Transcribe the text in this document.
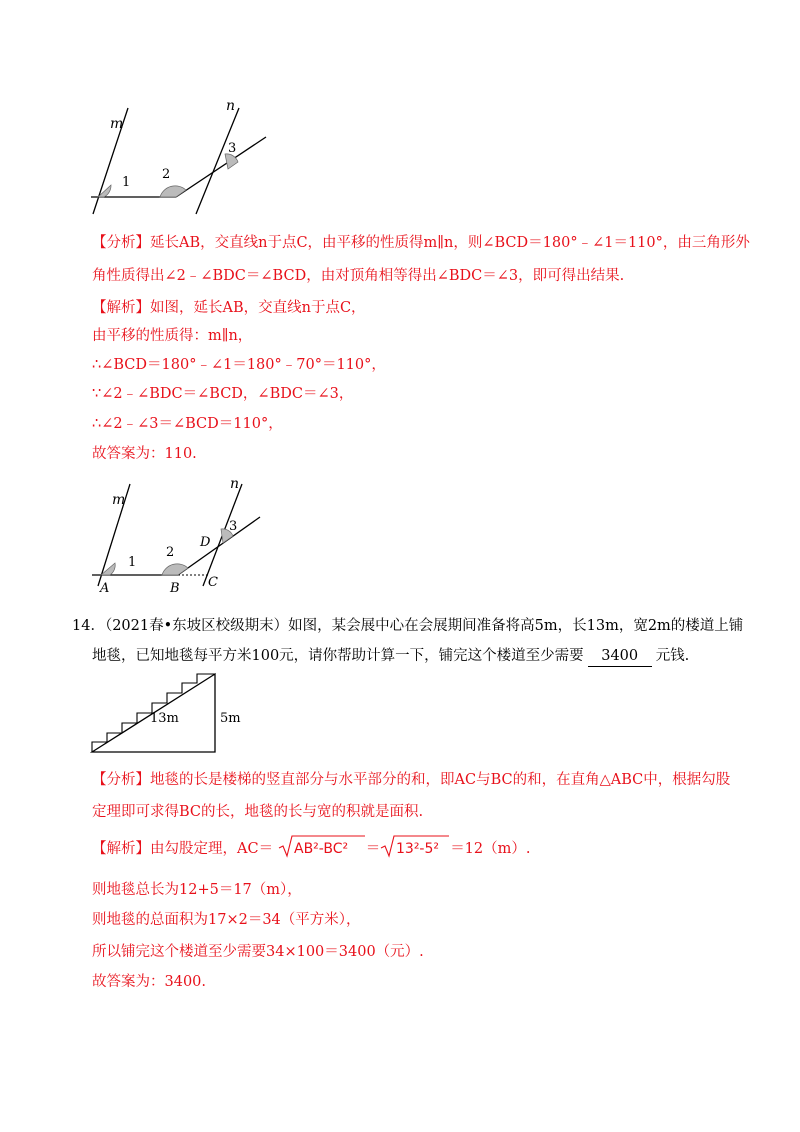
m
n
1
2
3
【分析】延长AB，交直线n于点C，由平移的性质得m∥n，则∠BCD＝180°﹣∠1＝110°，由三角形外
角性质得出∠2﹣∠BDC＝∠BCD，由对顶角相等得出∠BDC＝∠3，即可得出结果.
【解析】如图，延长AB，交直线n于点C，
由平移的性质得：m∥n，
∴∠BCD＝180°﹣∠1＝180°﹣70°＝110°，
∵∠2﹣∠BDC＝∠BCD，∠BDC＝∠3，
∴∠2﹣∠3＝∠BCD＝110°，
故答案为：110.
m
n
1
2
3
D
A	B C
14．（2021春•东坡区校级期末）如图，某会展中心在会展期间准备将高5m，长13m，宽2m的楼道上铺
地毯，已知地毯每平方米100元，请你帮助计算一下，铺完这个楼道至少需要 3400 元钱.
13m	5m
【分析】地毯的长是楼梯的竖直部分与水平部分的和，即AC与BC的和，在直角△ABC中，根据勾股
定理即可求得BC的长，地毯的长与宽的积就是面积.
【解析】由勾股定理，AC＝ AB²-BC² ＝ 13²-5² ＝12（m）.
则地毯总长为12+5＝17（m），
则地毯的总面积为17×2＝34（平方米），
所以铺完这个楼道至少需要34×100＝3400（元）.
故答案为：3400.
